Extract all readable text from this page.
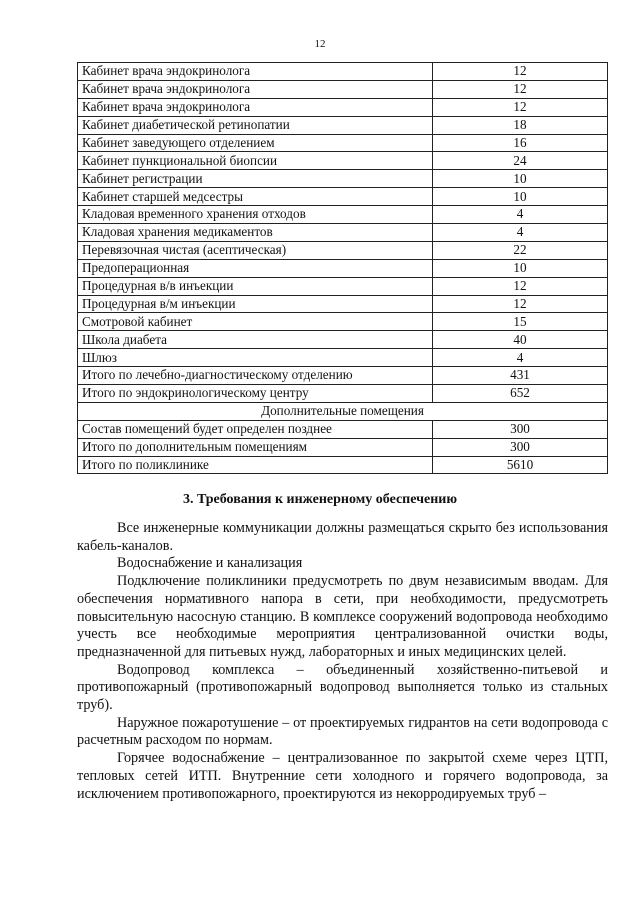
12
Кабинет врача эндокринолога	12
Кабинет врача эндокринолога	12
Кабинет врача эндокринолога	12
Кабинет диабетической ретинопатии	18
Кабинет заведующего отделением	16
Кабинет пункциональной биопсии	24
Кабинет регистрации	10
Кабинет старшей медсестры	10
Кладовая временного хранения отходов	4
Кладовая хранения медикаментов	4
Перевязочная чистая (асептическая)	22
Предоперационная	10
Процедурная в/в инъекции	12
Процедурная в/м инъекции	12
Смотровой кабинет	15
Школа диабета	40
Шлюз	4
Итого по лечебно-диагностическому отделению	431
Итого по эндокринологическому центру	652
Дополнительные помещения	
Состав помещений будет определен позднее	300
Итого по дополнительным помещениям	300
Итого по поликлинике	5610
3. Требования к инженерному обеспечению

Все инженерные коммуникации должны размещаться скрыто без использования кабель-каналов.

Водоснабжение и канализация

Подключение поликлиники предусмотреть по двум независимым вводам. Для обеспечения нормативного напора в сети, при необходимости, предусмотреть повысительную насосную станцию. В комплексе сооружений водопровода необходимо учесть все необходимые мероприятия централизованной очистки воды, предназначенной для питьевых нужд, лабораторных и иных медицинских целей.

Водопровод комплекса – объединенный хозяйственно-питьевой и противопожарный (противопожарный водопровод выполняется только из стальных труб).

Наружное пожаротушение – от проектируемых гидрантов на сети водопровода с расчетным расходом по нормам.

Горячее водоснабжение – централизованное по закрытой схеме через ЦТП, тепловых сетей ИТП. Внутренние сети холодного и горячего водопровода, за исключением противопожарного, проектируются из некорродируемых труб –
